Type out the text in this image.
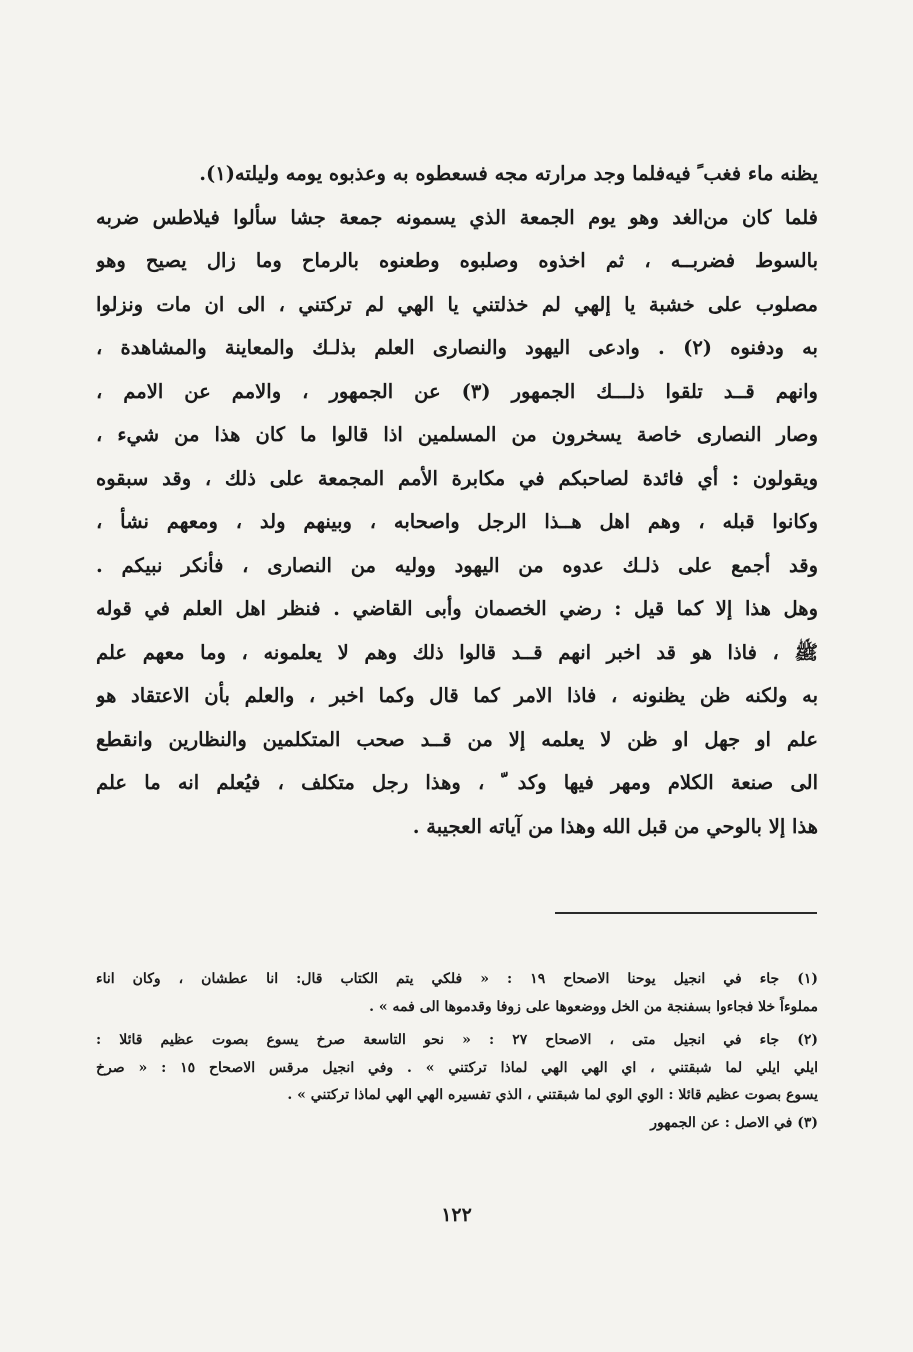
يظنه ماء فغب ً فيه‌فلما وجد مرارته مجه فسعطوه به وعذبوه يومه وليلته(١).
فلما كان من‌الغد وهو يوم الجمعة الذي يسمونه جمعة جشا سألوا فيلاطس ضربه
بالسوط فضربــه ، ثم اخذوه وصلبوه وطعنوه بالرماح وما زال يصيح وهو
مصلوب على خشبة يا إلهي لم خذلتني يا الهي لم تركتني ، الى ان مات ونزلوا
به ودفنوه (٢) . وادعى اليهود والنصارى العلم بذلـك والمعاينة والمشاهدة ،
وانهم قــد تلقوا ذلـــك الجمهور (٣) عن الجمهور ، والامم عن الامم ،
وصار النصارى خاصة يسخرون من المسلمين اذا قالوا ما كان هذا من شيء ،
ويقولون : أي فائدة لصاحبكم في مكابرة الأمم المجمعة على ذلك ، وقد سبقوه
وكانوا قبله ، وهم اهل هــذا الرجل واصحابه ، وبينهم ولد ، ومعهم نشأ ،
وقد أجمع على ذلـك عدوه من اليهود ووليه من النصارى ، فأنكر نبيكم .
وهل هذا إلا كما قيل : رضي الخصمان وأبى القاضي . فنظر اهل العلم في قوله
ﷺ ، فاذا هو قد اخبر انهم قــد قالوا ذلك وهم لا يعلمونه ، وما معهم علم
به ولكنه ظن يظنونه ، فاذا الامر كما قال وكما اخبر ، والعلم بأن الاعتقاد هو
علم او جهل او ظن لا يعلمه إلا من قــد صحب المتكلمين والنظارين وانقطع
الى صنعة الكلام ومهر فيها وكد ّ ، وهذا رجل متكلف ، فيُعلم انه ما علم
هذا إلا بالوحي من قبل الله وهذا من آياته العجيبة .
(١) جاء في انجيل يوحنا الاصحاح ١٩ : « فلكي يتم الكتاب قال: انا عطشان ، وكان اناء
مملوءاً خلا فجاءوا بسفنجة من الخل ووضعوها على زوفا وقدموها الى فمه » .
(٢) جاء في انجيل متى ، الاصحاح ٢٧ : « نحو التاسعة صرخ يسوع بصوت عظيم قائلا :
ايلي ايلي لما شبقتني ، اي الهي الهي لماذا تركتني » . وفي انجيل مرقس الاصحاح ١٥ : « صرخ
يسوع بصوت عظيم قائلا : الوي الوي لما شبقتني ، الذي تفسيره الهي الهي لماذا تركتني » .
(٣) في الاصل : عن الجمهور
١٢٢
